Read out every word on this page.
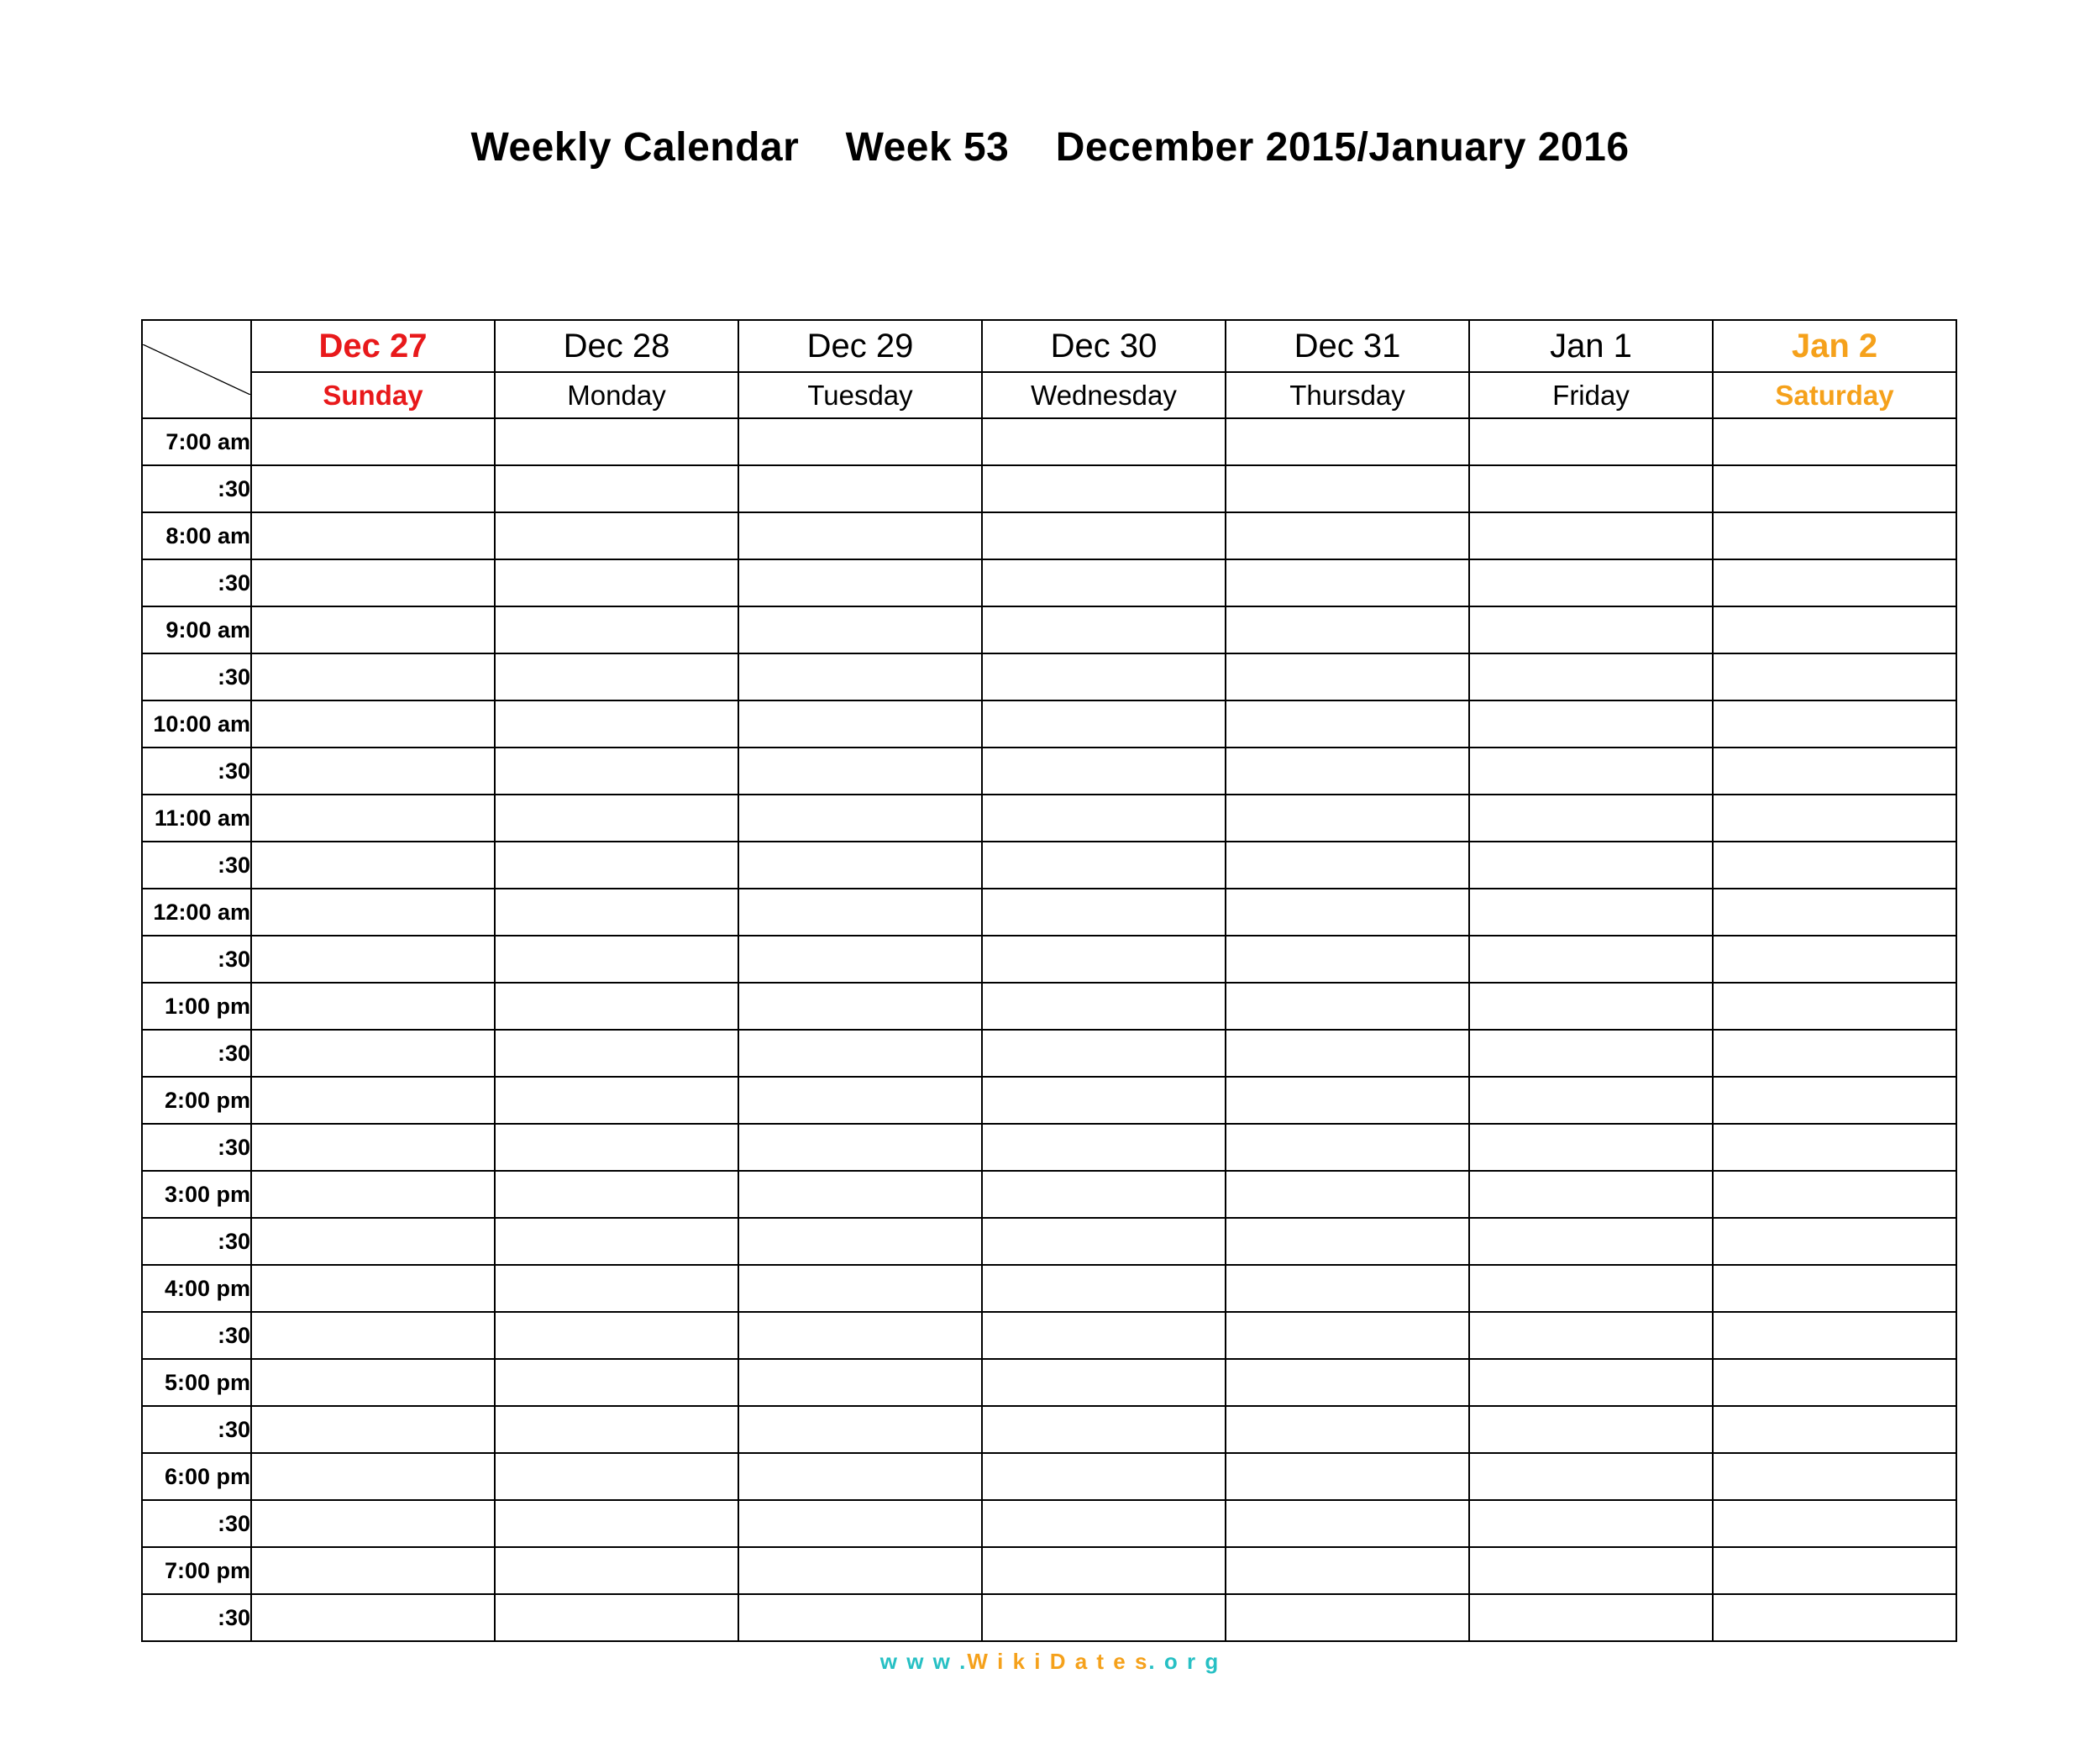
Weekly Calendar    Week 53    December 2015/January 2016
	Dec 27	Dec 28	Dec 29	Dec 30	Dec 31	Jan 1	Jan 2
	Sunday	Monday	Tuesday	Wednesday	Thursday	Friday	Saturday
7:00 am							
:30							
8:00 am							
:30							
9:00 am							
:30							
10:00 am							
:30							
11:00 am							
:30							
12:00 am							
:30							
1:00 pm							
:30							
2:00 pm							
:30							
3:00 pm							
:30							
4:00 pm							
:30							
5:00 pm							
:30							
6:00 pm							
:30							
7:00 pm							
:30							
w w w .W i k i D a t e s. o r g
